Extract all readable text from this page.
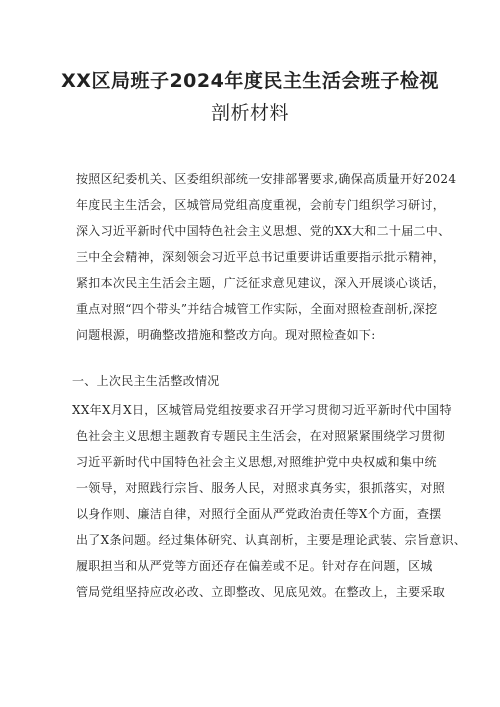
XX区局班子2024年度民主生活会班子检视
剖析材料
按照区纪委机关、区委组织部统一安排部署要求,确保高质量开好2024
年度民主生活会，区城管局党组高度重视，会前专门组织学习研讨，
深入习近平新时代中国特色社会主义思想、党的XX大和二十届二中、
三中全会精神，深刻领会习近平总书记重要讲话重要指示批示精神，
紧扣本次民主生活会主题，广泛征求意见建议，深入开展谈心谈话，
重点对照“四个带头”并结合城管工作实际，全面对照检查剖析,深挖
问题根源，明确整改措施和整改方向。现对照检查如下:
一、上次民主生活整改情况
XX年X月X日，区城管局党组按要求召开学习贯彻习近平新时代中国特
色社会主义思想主题教育专题民主生活会，在对照紧紧围绕学习贯彻
习近平新时代中国特色社会主义思想,对照维护党中央权威和集中统
一领导，对照践行宗旨、服务人民，对照求真务实，狠抓落实，对照
以身作则、廉洁自律，对照行全面从严党政治责任等X个方面，查摆
出了X条问题。经过集体研究、认真剖析，主要是理论武装、宗旨意识、
履职担当和从严党等方面还存在偏差或不足。针对存在问题，区城
管局党组坚持应改必改、立即整改、见底见效。在整改上，主要采取
